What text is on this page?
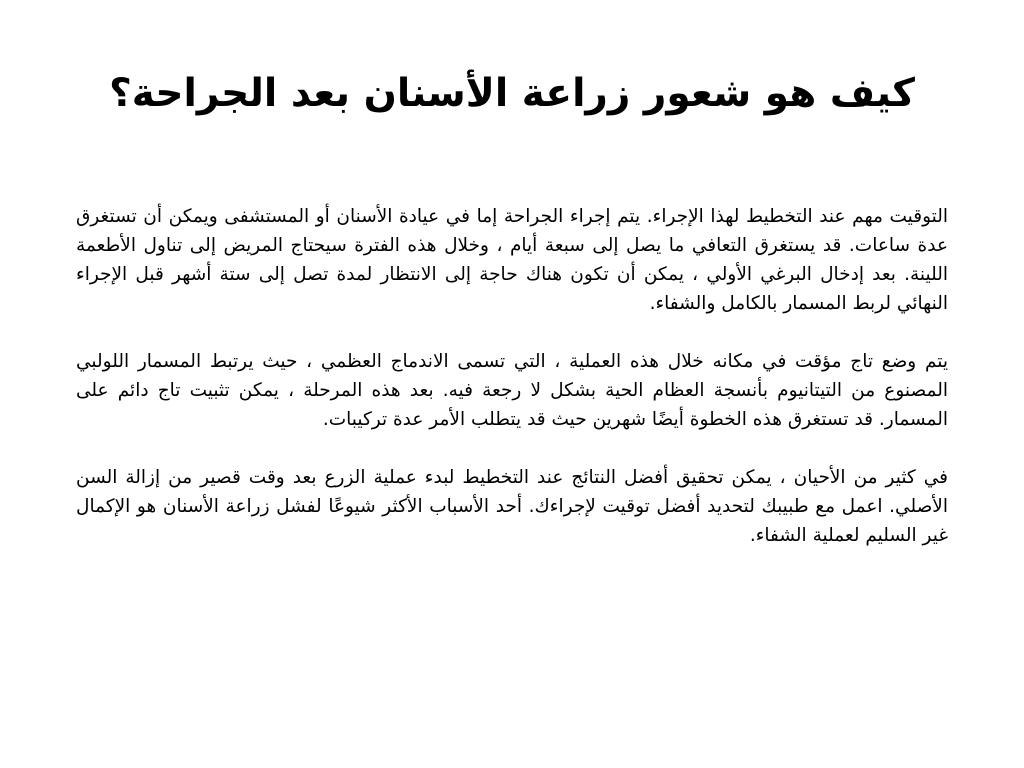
كيف هو شعور زراعة الأسنان بعد الجراحة؟

التوقيت مهم عند التخطيط لهذا الإجراء. يتم إجراء الجراحة إما في عيادة الأسنان أو المستشفى ويمكن أن تستغرق عدة ساعات. قد يستغرق التعافي ما يصل إلى سبعة أيام ، وخلال هذه الفترة سيحتاج المريض إلى تناول الأطعمة اللينة. بعد إدخال البرغي الأولي ، يمكن أن تكون هناك حاجة إلى الانتظار لمدة تصل إلى ستة أشهر قبل الإجراء النهائي لربط المسمار بالكامل والشفاء.

يتم وضع تاج مؤقت في مكانه خلال هذه العملية ، التي تسمى الاندماج العظمي ، حيث يرتبط المسمار اللولبي المصنوع من التيتانيوم بأنسجة العظام الحية بشكل لا رجعة فيه. بعد هذه المرحلة ، يمكن تثبيت تاج دائم على المسمار. قد تستغرق هذه الخطوة أيضًا شهرين حيث قد يتطلب الأمر عدة تركيبات.

في كثير من الأحيان ، يمكن تحقيق أفضل النتائج عند التخطيط لبدء عملية الزرع بعد وقت قصير من إزالة السن الأصلي. اعمل مع طبيبك لتحديد أفضل توقيت لإجراءك. أحد الأسباب الأكثر شيوعًا لفشل زراعة الأسنان هو الإكمال غير السليم لعملية الشفاء.
